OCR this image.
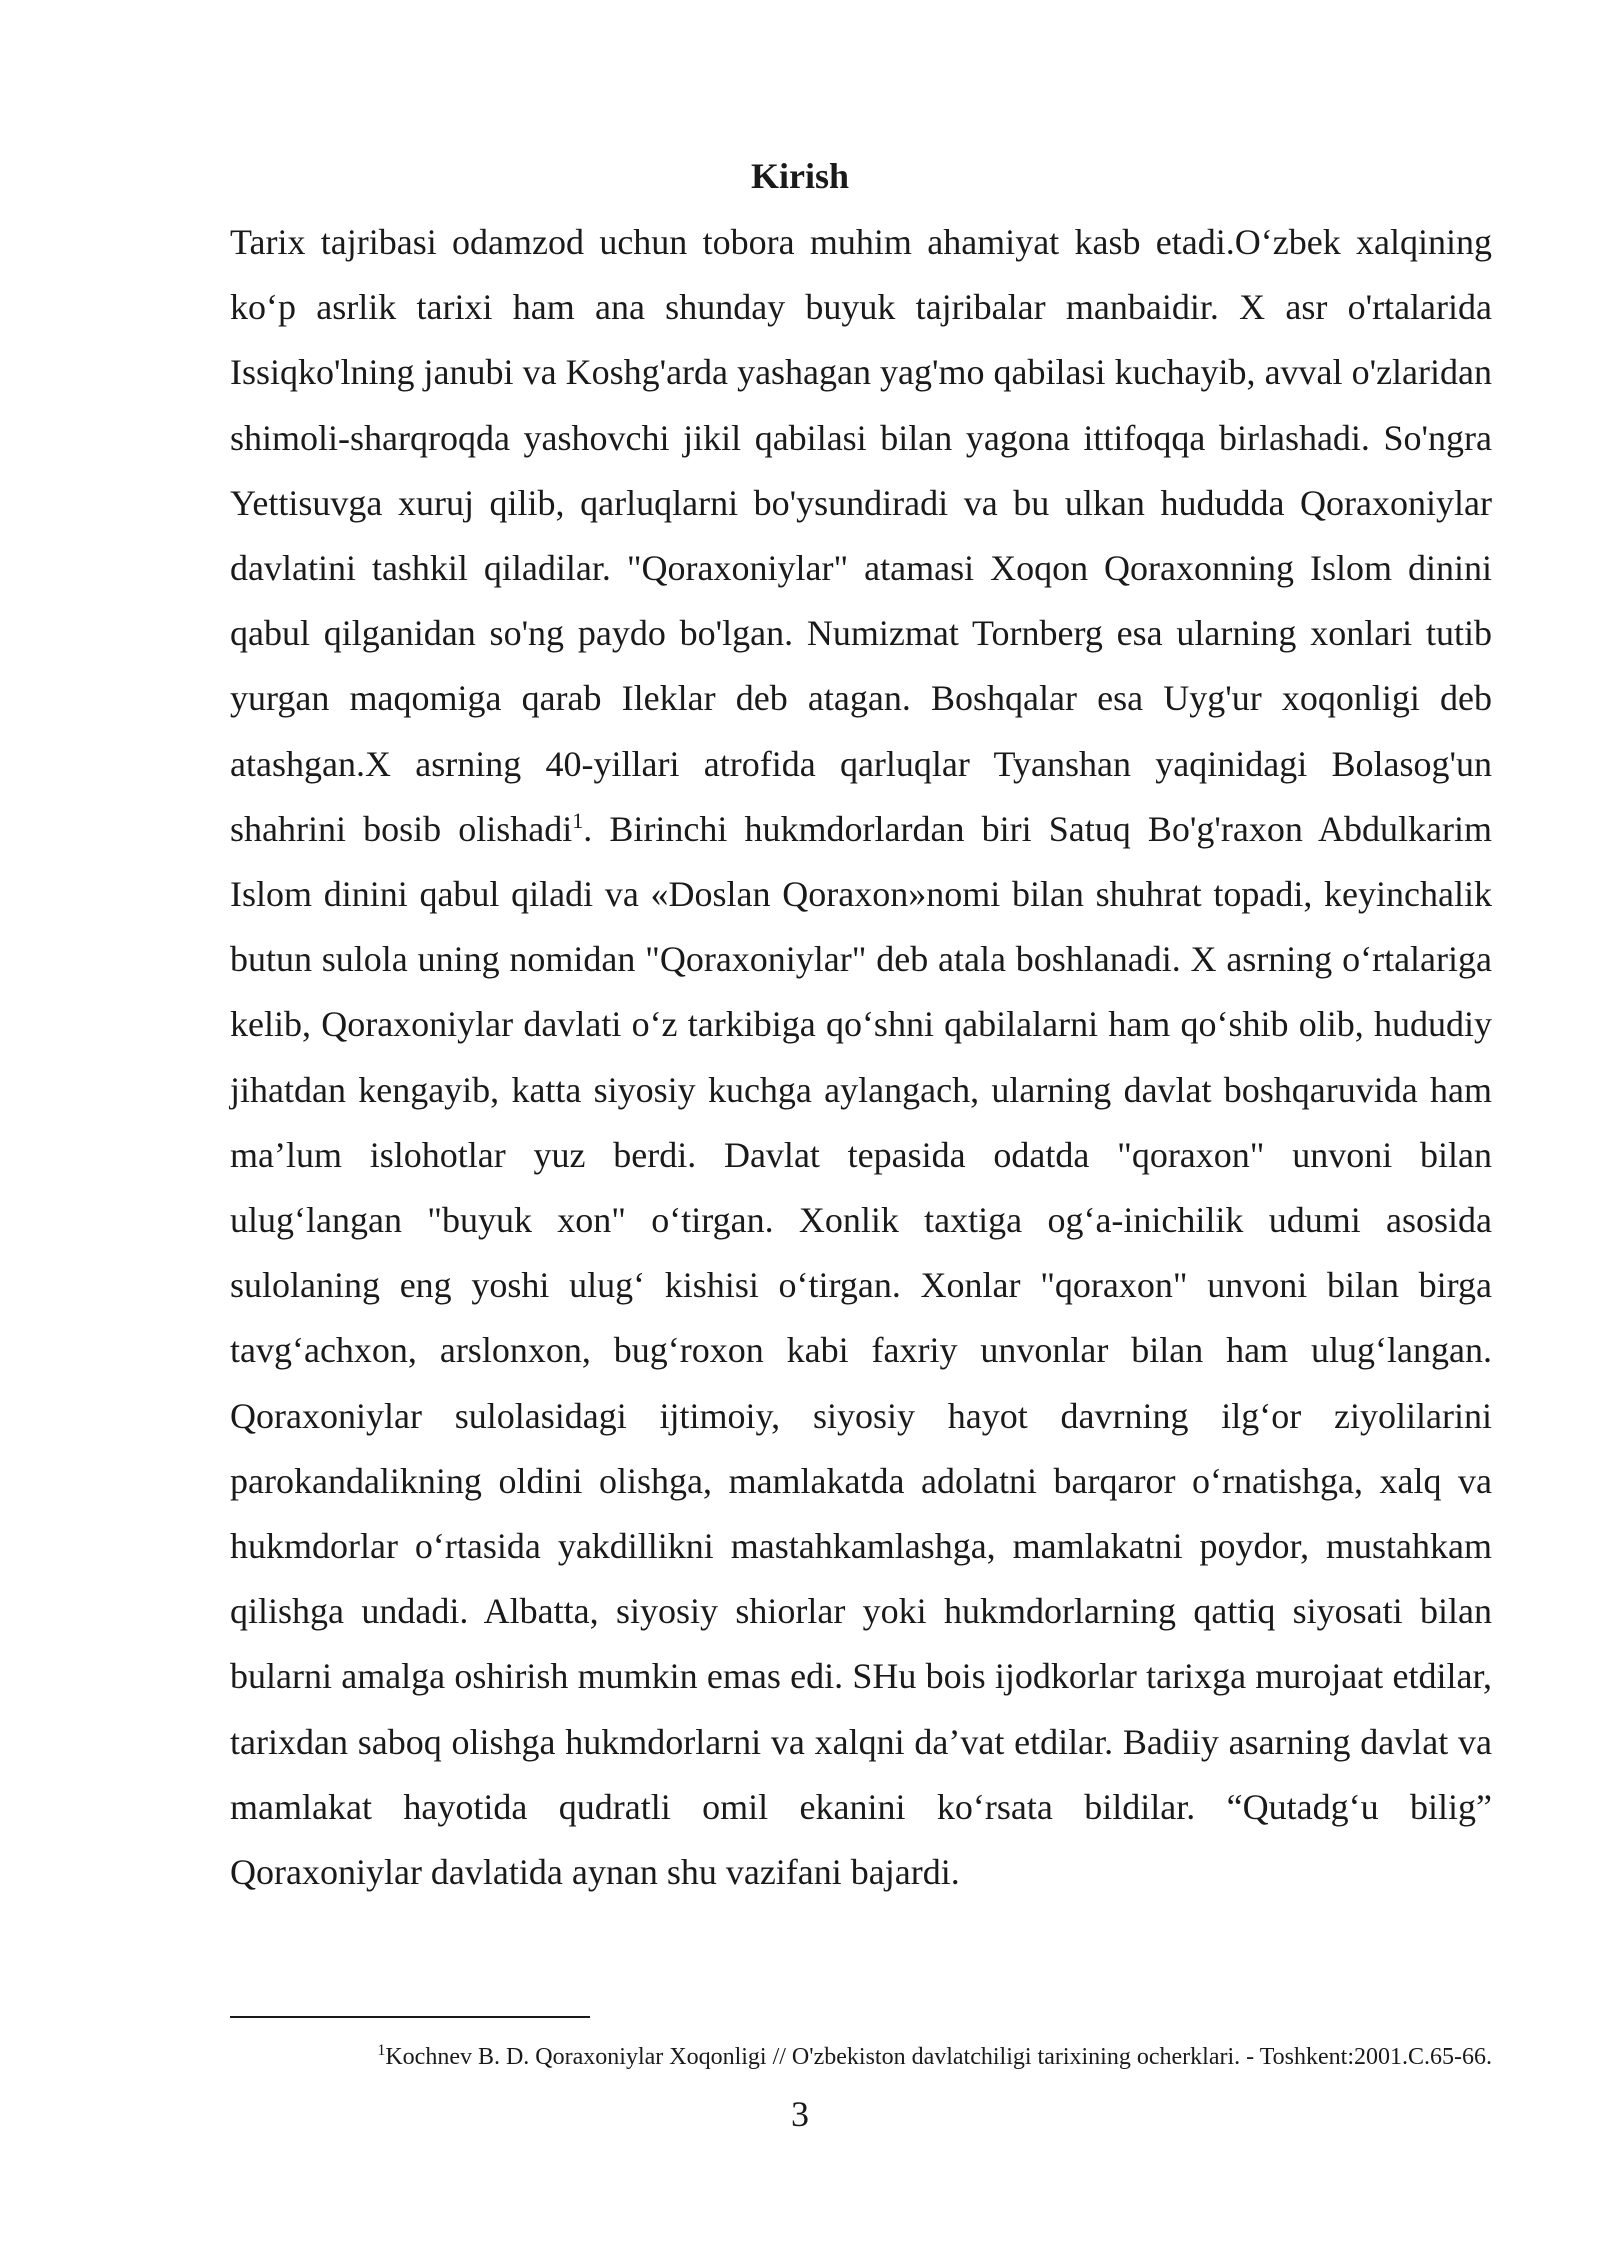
Kirish

Tarix tajribasi odamzod uchun tobora muhim ahamiyat kasb etadi.O‘zbek xalqining ko‘p asrlik tarixi ham ana shunday buyuk tajribalar manbaidir. X asr o'rtalarida Issiqko'lning janubi va Koshg'arda yashagan yag'mo qabilasi kuchayib, avval o'zlaridan shimoli-sharqroqda yashovchi jikil qabilasi bilan yagona ittifoqqa birlashadi. So'ngra Yettisuvga xuruj qilib, qarluqlarni bo'ysundiradi va bu ulkan hududda Qoraxoniylar davlatini tashkil qiladilar. "Qoraxoniylar" atamasi Xoqon Qoraxonning Islom dinini qabul qilganidan so'ng paydo bo'lgan. Numizmat Tornberg esa ularning xonlari tutib yurgan maqomiga qarab Ileklar deb atagan. Boshqalar esa Uyg'ur xoqonligi deb atashgan.X asrning 40-yillari atrofida qarluqlar Tyanshan yaqinidagi Bolasog'un shahrini bosib olishadi$^1$. Birinchi hukmdorlardan biri Satuq Bo'g'raxon Abdulkarim Islom dinini qabul qiladi va «Doslan Qoraxon»nomi bilan shuhrat topadi, keyinchalik butun sulola uning nomidan "Qoraxoniylar" deb atala boshlanadi. X asrning o‘rtalariga kelib, Qoraxoniylar davlati o‘z tarkibiga qo‘shni qabilalarni ham qo‘shib olib, hududiy jihatdan kengayib, katta siyosiy kuchga aylangach, ularning davlat boshqaruvida ham ma’lum islohotlar yuz berdi. Davlat tepasida odatda "qoraxon" unvoni bilan ulug‘langan "buyuk xon" o‘tirgan. Xonlik taxtiga og‘a-inichilik udumi asosida sulolaning eng yoshi ulug‘ kishisi o‘tirgan. Xonlar "qoraxon" unvoni bilan birga tavg‘achxon, arslonxon, bug‘roxon kabi faxriy unvonlar bilan ham ulug‘langan. Qoraxoniylar sulolasidagi ijtimoiy, siyosiy hayot davrning ilg‘or ziyolilarini parokandalikning oldini olishga, mamlakatda adolatni barqaror o‘rnatishga, xalq va hukmdorlar o‘rtasida yakdillikni mastahkamlashga, mamlakatni poydor, mustahkam qilishga undadi. Albatta, siyosiy shiorlar yoki hukmdorlarning qattiq siyosati bilan bularni amalga oshirish mumkin emas edi. SHu bois ijodkorlar tarixga murojaat etdilar, tarixdan saboq olishga hukmdorlarni va xalqni da’vat etdilar. Badiiy asarning davlat va mamlakat hayotida qudratli omil ekanini ko‘rsata bildilar. “Qutadg‘u bilig” Qoraxoniylar davlatida aynan shu vazifani bajardi.

$^1$Kochnev B. D. Qoraxoniylar Xoqonligi // O'zbekiston davlatchiligi tarixining ocherklari. - Toshkent:2001.C.65-66.

3
